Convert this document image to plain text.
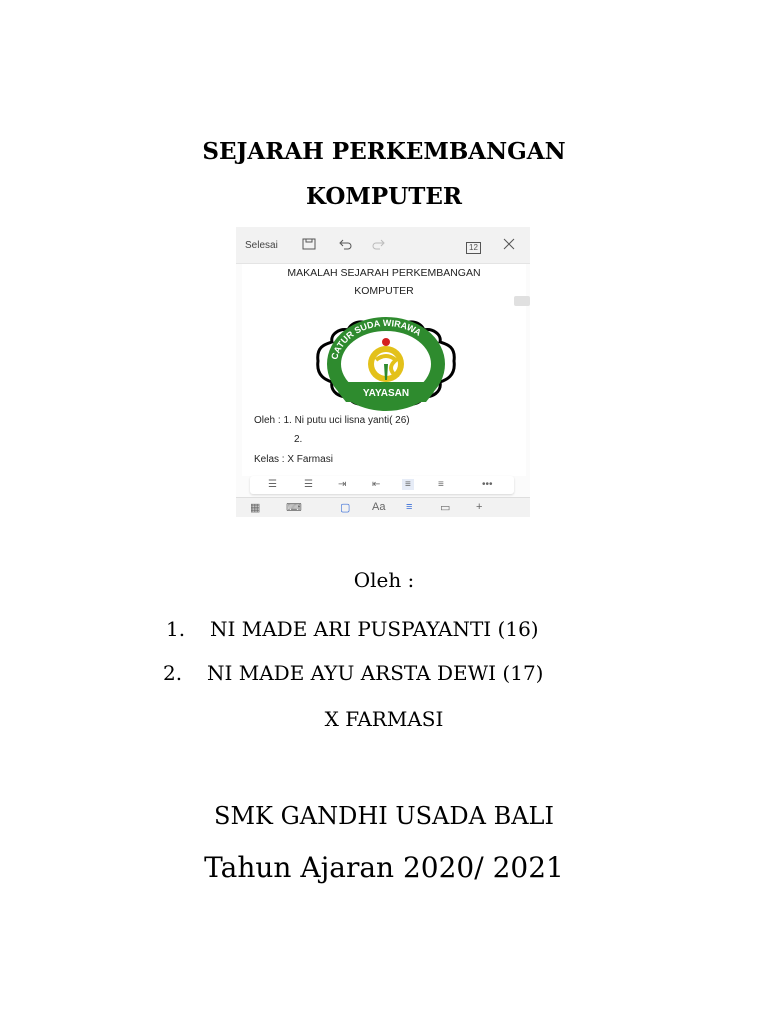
SEJARAH PERKEMBANGAN
KOMPUTER
Selesai	12
MAKALAH SEJARAH PERKEMBANGAN
KOMPUTER
CATUR SUDA WIRAWA
YAYASAN
Oleh : 1. Ni putu uci lisna yanti( 26)
2.
Kelas : X Farmasi
☰	☰	⇥	⇤	≡	≡	•••
▦ ⌨	▢ Aa ≡	▭ +
Oleh :
1. NI MADE ARI PUSPAYANTI (16)
2. NI MADE AYU ARSTA DEWI (17)
X FARMASI
SMK GANDHI USADA BALI
Tahun Ajaran 2020/ 2021
